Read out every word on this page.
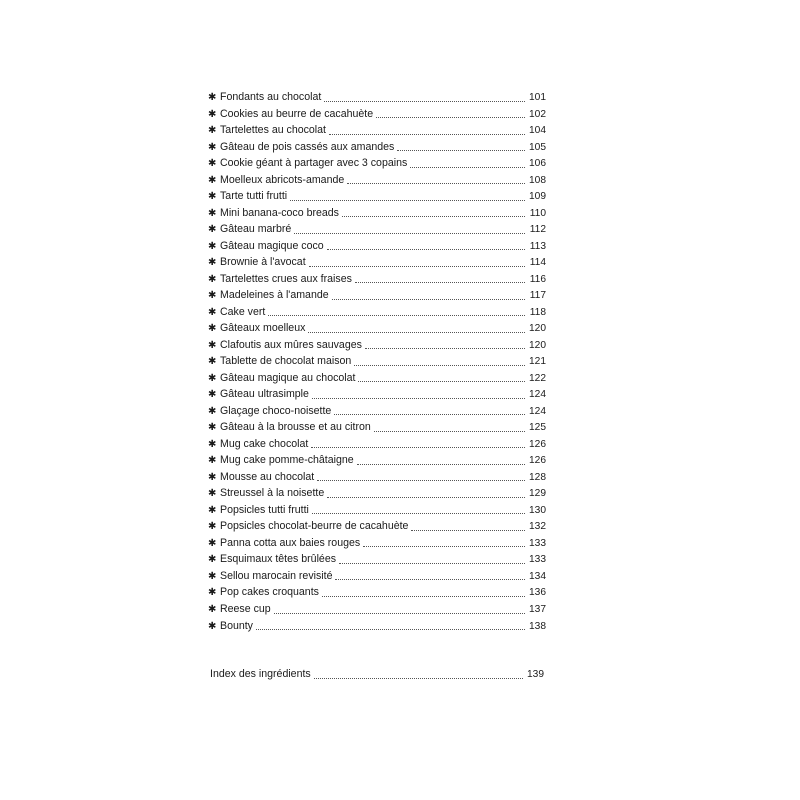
✱ Fondants au chocolat	101
✱ Cookies au beurre de cacahuète	102
✱ Tartelettes au chocolat	104
✱ Gâteau de pois cassés aux amandes	105
✱ Cookie géant à partager avec 3 copains	106
✱ Moelleux abricots-amande	108
✱ Tarte tutti frutti	109
✱ Mini banana-coco breads	110
✱ Gâteau marbré	112
✱ Gâteau magique coco	113
✱ Brownie à l'avocat	114
✱ Tartelettes crues aux fraises	116
✱ Madeleines à l'amande	117
✱ Cake vert	118
✱ Gâteaux moelleux	120
✱ Clafoutis aux mûres sauvages	120
✱ Tablette de chocolat maison	121
✱ Gâteau magique au chocolat	122
✱ Gâteau ultrasimple	124
✱ Glaçage choco-noisette	124
✱ Gâteau à la brousse et au citron	125
✱ Mug cake chocolat	126
✱ Mug cake pomme-châtaigne	126
✱ Mousse au chocolat	128
✱ Streussel à la noisette	129
✱ Popsicles tutti frutti	130
✱ Popsicles chocolat-beurre de cacahuète	132
✱ Panna cotta aux baies rouges	133
✱ Esquimaux têtes brûlées	133
✱ Sellou marocain revisité	134
✱ Pop cakes croquants	136
✱ Reese cup	137
✱ Bounty	138
Index des ingrédients	139
